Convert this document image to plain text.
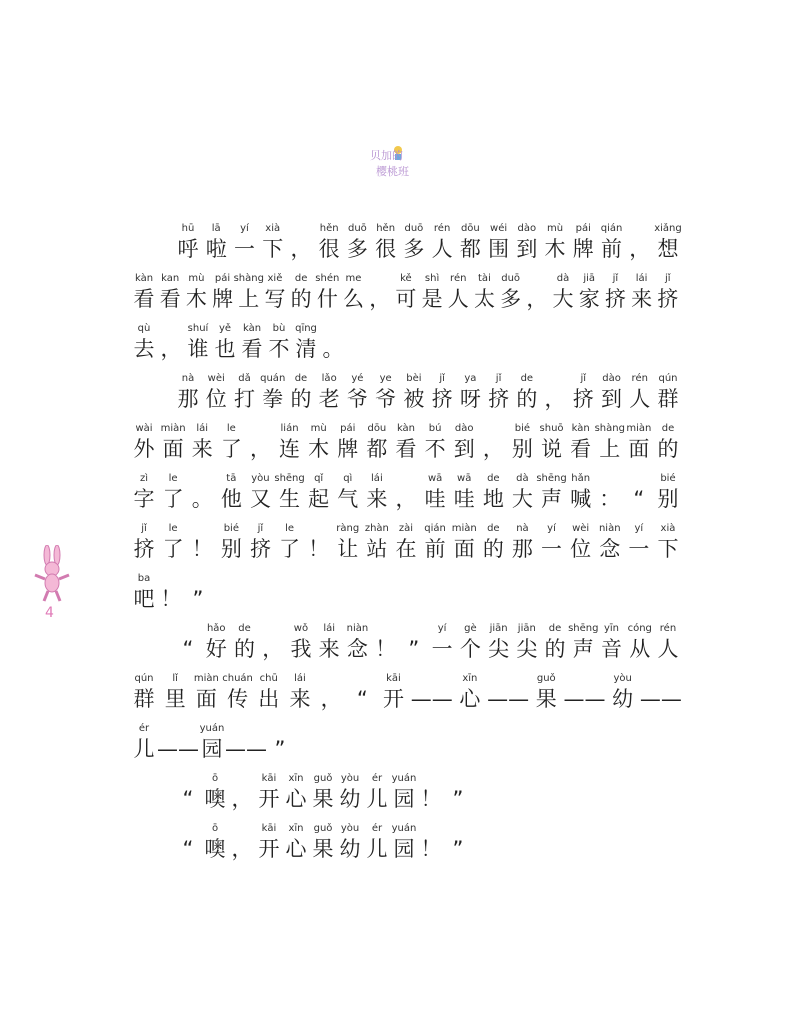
贝加的
樱桃班
4
hū
呼
lā
啦
yí
一
xià
下 ，
hěn
很
duō
多
hěn
很
duō
多
rén
人
dōu
都
wéi
围
dào
到
mù
木
pái
牌
qián
前 ，
xiǎng
想
kàn
看
kan
看
mù
木
pái
牌
shàng
上
xiě
写
de
的
shén
什
me
么 ，
kě
可
shì
是
rén
人
tài
太
duō
多 ，
dà
大
jiā
家
jǐ
挤
lái
来
jǐ
挤
qù
去 ，
shuí
谁
yě
也
kàn
看
bù
不
qīng
清 。
nà
那
wèi
位
dǎ
打
quán
拳
de
的
lǎo
老
yé
爷
ye
爷
bèi
被
jǐ
挤
ya
呀
jǐ
挤
de
的 ，
jǐ
挤
dào
到
rén
人
qún
群
wài
外
miàn
面
lái
来
le
了 ，
lián
连
mù
木
pái
牌
dōu
都
kàn
看
bú
不
dào
到 ，
bié
别
shuō
说
kàn
看
shàng
上
miàn
面
de
的
zì
字
le
了 。
tā
他
yòu
又
shēng
生
qǐ
起
qì
气
lái
来 ，
wā
哇
wā
哇
de
地
dà
大
shēng
声
hǎn
喊 ： “
bié
别
jǐ
挤
le
了 ！
bié
别
jǐ
挤
le
了 ！
ràng
让
zhàn
站
zài
在
qián
前
miàn
面
de
的
nà
那
yí
一
wèi
位
niàn
念
yí
一
xià
下
ba
吧 ！ ”
“
hǎo
好
de
的 ，
wǒ
我
lái
来
niàn
念 ！ ”
yí
一
gè
个
jiān
尖
jiān
尖
de
的
shēng
声
yīn
音
cóng
从
rén
人
qún
群
lǐ
里
miàn
面
chuán
传
chū
出
lái
来 ， “
kāi
开 ——
xīn
心 ——
guǒ
果 ——
yòu
幼 ——
ér
儿 ——
yuán
园 —— ”
“
ō
噢 ，
kāi
开
xīn
心
guǒ
果
yòu
幼
ér
儿
yuán
园 ！ ”
“
ō
噢 ，
kāi
开
xīn
心
guǒ
果
yòu
幼
ér
儿
yuán
园 ！ ”
